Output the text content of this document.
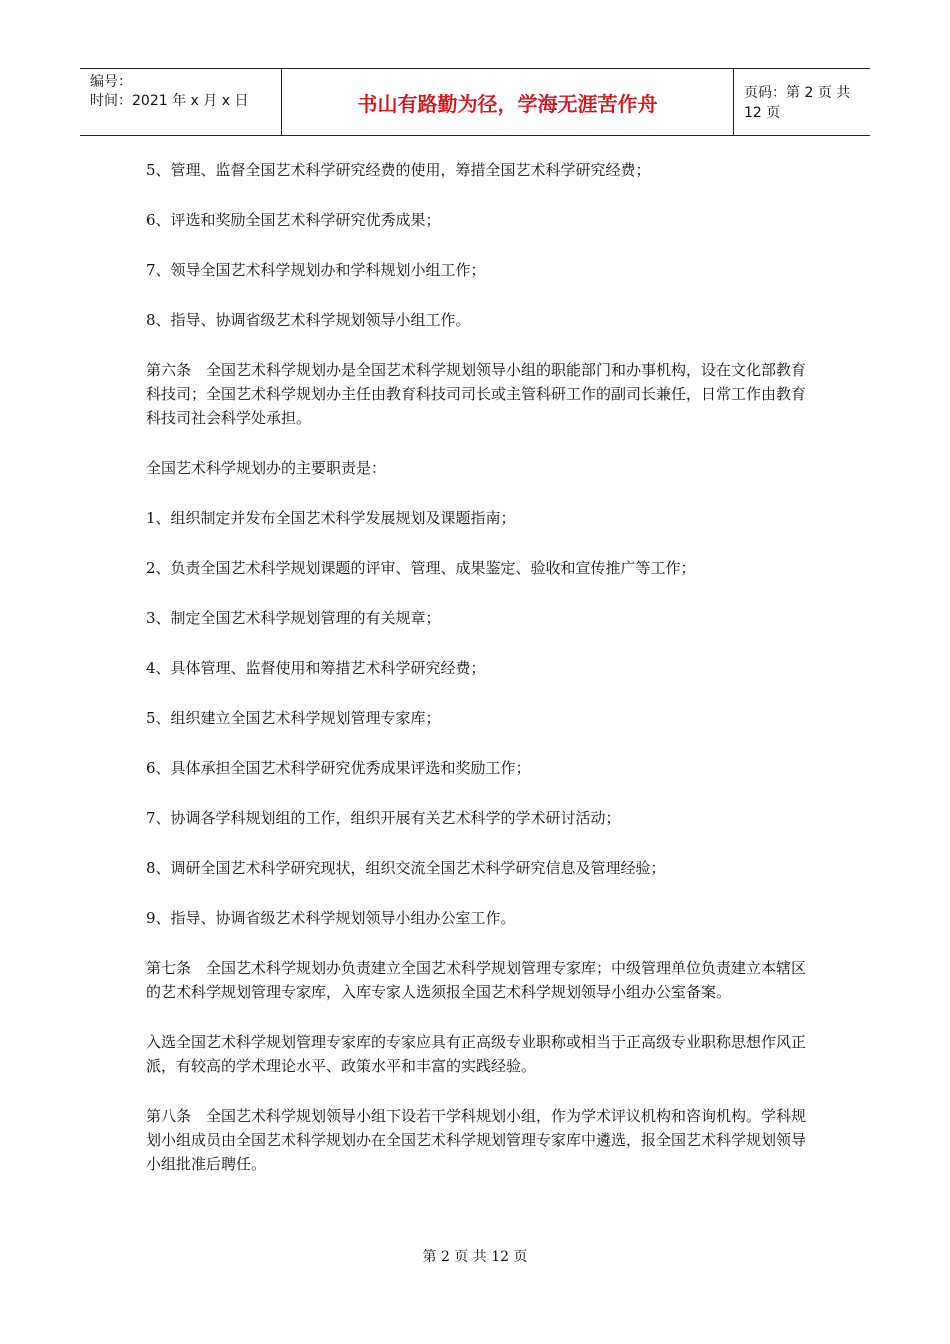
编号：
时间：2021 年 x 月 x 日	书山有路勤为径，学海无涯苦作舟	页码：第 2 页 共 12 页

5、管理、监督全国艺术科学研究经费的使用，筹措全国艺术科学研究经费；

6、评选和奖励全国艺术科学研究优秀成果；

7、领导全国艺术科学规划办和学科规划小组工作；

8、指导、协调省级艺术科学规划领导小组工作。

第六条　全国艺术科学规划办是全国艺术科学规划领导小组的职能部门和办事机构，设在文化部教育科技司；全国艺术科学规划办主任由教育科技司司长或主管科研工作的副司长兼任，日常工作由教育科技司社会科学处承担。

全国艺术科学规划办的主要职责是：

1、组织制定并发布全国艺术科学发展规划及课题指南；

2、负责全国艺术科学规划课题的评审、管理、成果鉴定、验收和宣传推广等工作；

3、制定全国艺术科学规划管理的有关规章；

4、具体管理、监督使用和筹措艺术科学研究经费；

5、组织建立全国艺术科学规划管理专家库；

6、具体承担全国艺术科学研究优秀成果评选和奖励工作；

7、协调各学科规划组的工作，组织开展有关艺术科学的学术研讨活动；

8、调研全国艺术科学研究现状，组织交流全国艺术科学研究信息及管理经验；

9、指导、协调省级艺术科学规划领导小组办公室工作。

第七条　全国艺术科学规划办负责建立全国艺术科学规划管理专家库；中级管理单位负责建立本辖区的艺术科学规划管理专家库，入库专家人选须报全国艺术科学规划领导小组办公室备案。

入选全国艺术科学规划管理专家库的专家应具有正高级专业职称或相当于正高级专业职称思想作风正派，有较高的学术理论水平、政策水平和丰富的实践经验。

第八条　全国艺术科学规划领导小组下设若干学科规划小组，作为学术评议机构和咨询机构。学科规划小组成员由全国艺术科学规划办在全国艺术科学规划管理专家库中遴选，报全国艺术科学规划领导小组批准后聘任。

第 2 页 共 12 页
